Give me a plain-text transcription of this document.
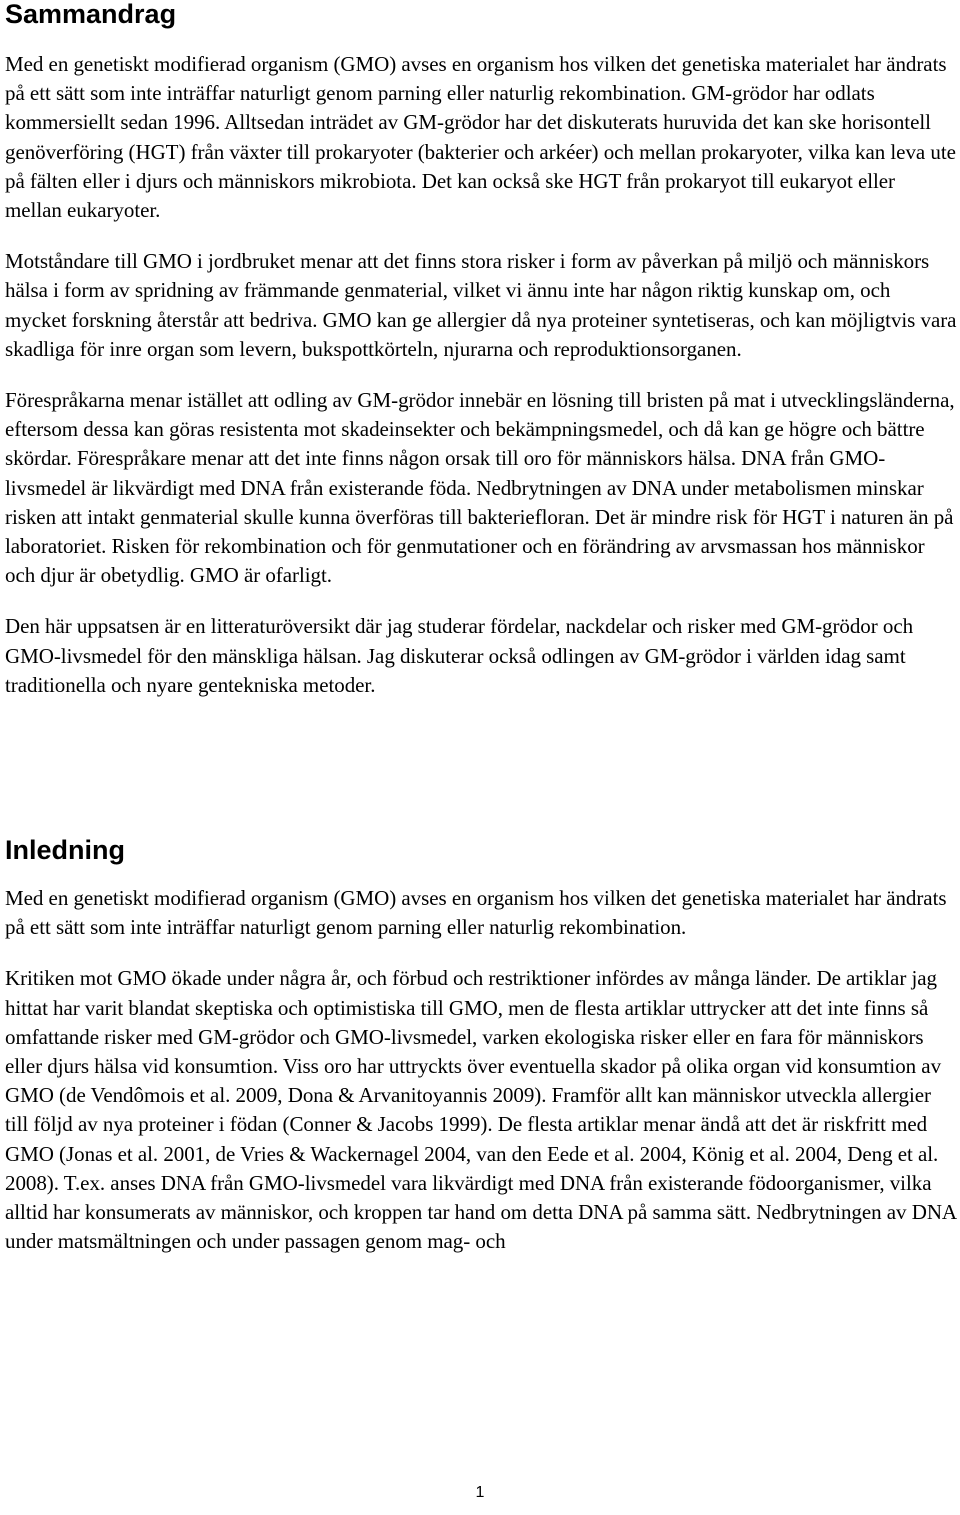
Sammandrag

Med en genetiskt modifierad organism (GMO) avses en organism hos vilken det genetiska materialet har ändrats på ett sätt som inte inträffar naturligt genom parning eller naturlig rekombination. GM-grödor har odlats kommersiellt sedan 1996. Alltsedan inträdet av GM-grödor har det diskuterats huruvida det kan ske horisontell genöverföring (HGT) från växter till prokaryoter (bakterier och arkéer) och mellan prokaryoter, vilka kan leva ute på fälten eller i djurs och människors mikrobiota. Det kan också ske HGT från prokaryot till eukaryot eller mellan eukaryoter.

Motståndare till GMO i jordbruket menar att det finns stora risker i form av påverkan på miljö och människors hälsa i form av spridning av främmande genmaterial, vilket vi ännu inte har någon riktig kunskap om, och mycket forskning återstår att bedriva. GMO kan ge allergier då nya proteiner syntetiseras, och kan möjligtvis vara skadliga för inre organ som levern, bukspottkörteln, njurarna och reproduktionsorganen.

Förespråkarna menar istället att odling av GM-grödor innebär en lösning till bristen på mat i utvecklingsländerna, eftersom dessa kan göras resistenta mot skadeinsekter och bekämpningsmedel, och då kan ge högre och bättre skördar. Förespråkare menar att det inte finns någon orsak till oro för människors hälsa. DNA från GMO-livsmedel är likvärdigt med DNA från existerande föda. Nedbrytningen av DNA under metabolismen minskar risken att intakt genmaterial skulle kunna överföras till bakteriefloran. Det är mindre risk för HGT i naturen än på laboratoriet. Risken för rekombination och för genmutationer och en förändring av arvsmassan hos människor och djur är obetydlig. GMO är ofarligt.

Den här uppsatsen är en litteraturöversikt där jag studerar fördelar, nackdelar och risker med GM-grödor och GMO-livsmedel för den mänskliga hälsan. Jag diskuterar också odlingen av GM-grödor i världen idag samt traditionella och nyare gentekniska metoder.

Inledning

Med en genetiskt modifierad organism (GMO) avses en organism hos vilken det genetiska materialet har ändrats på ett sätt som inte inträffar naturligt genom parning eller naturlig rekombination.

Kritiken mot GMO ökade under några år, och förbud och restriktioner infördes av många länder. De artiklar jag hittat har varit blandat skeptiska och optimistiska till GMO, men de flesta artiklar uttrycker att det inte finns så omfattande risker med GM-grödor och GMO-livsmedel, varken ekologiska risker eller en fara för människors eller djurs hälsa vid konsumtion. Viss oro har uttryckts över eventuella skador på olika organ vid konsumtion av GMO (de Vendômois et al. 2009, Dona & Arvanitoyannis 2009). Framför allt kan människor utveckla allergier till följd av nya proteiner i födan (Conner & Jacobs 1999). De flesta artiklar menar ändå att det är riskfritt med GMO (Jonas et al. 2001, de Vries & Wackernagel 2004, van den Eede et al. 2004, König et al. 2004, Deng et al. 2008). T.ex. anses DNA från GMO-livsmedel vara likvärdigt med DNA från existerande födoorganismer, vilka alltid har konsumerats av människor, och kroppen tar hand om detta DNA på samma sätt. Nedbrytningen av DNA under matsmältningen och under passagen genom mag- och

1
